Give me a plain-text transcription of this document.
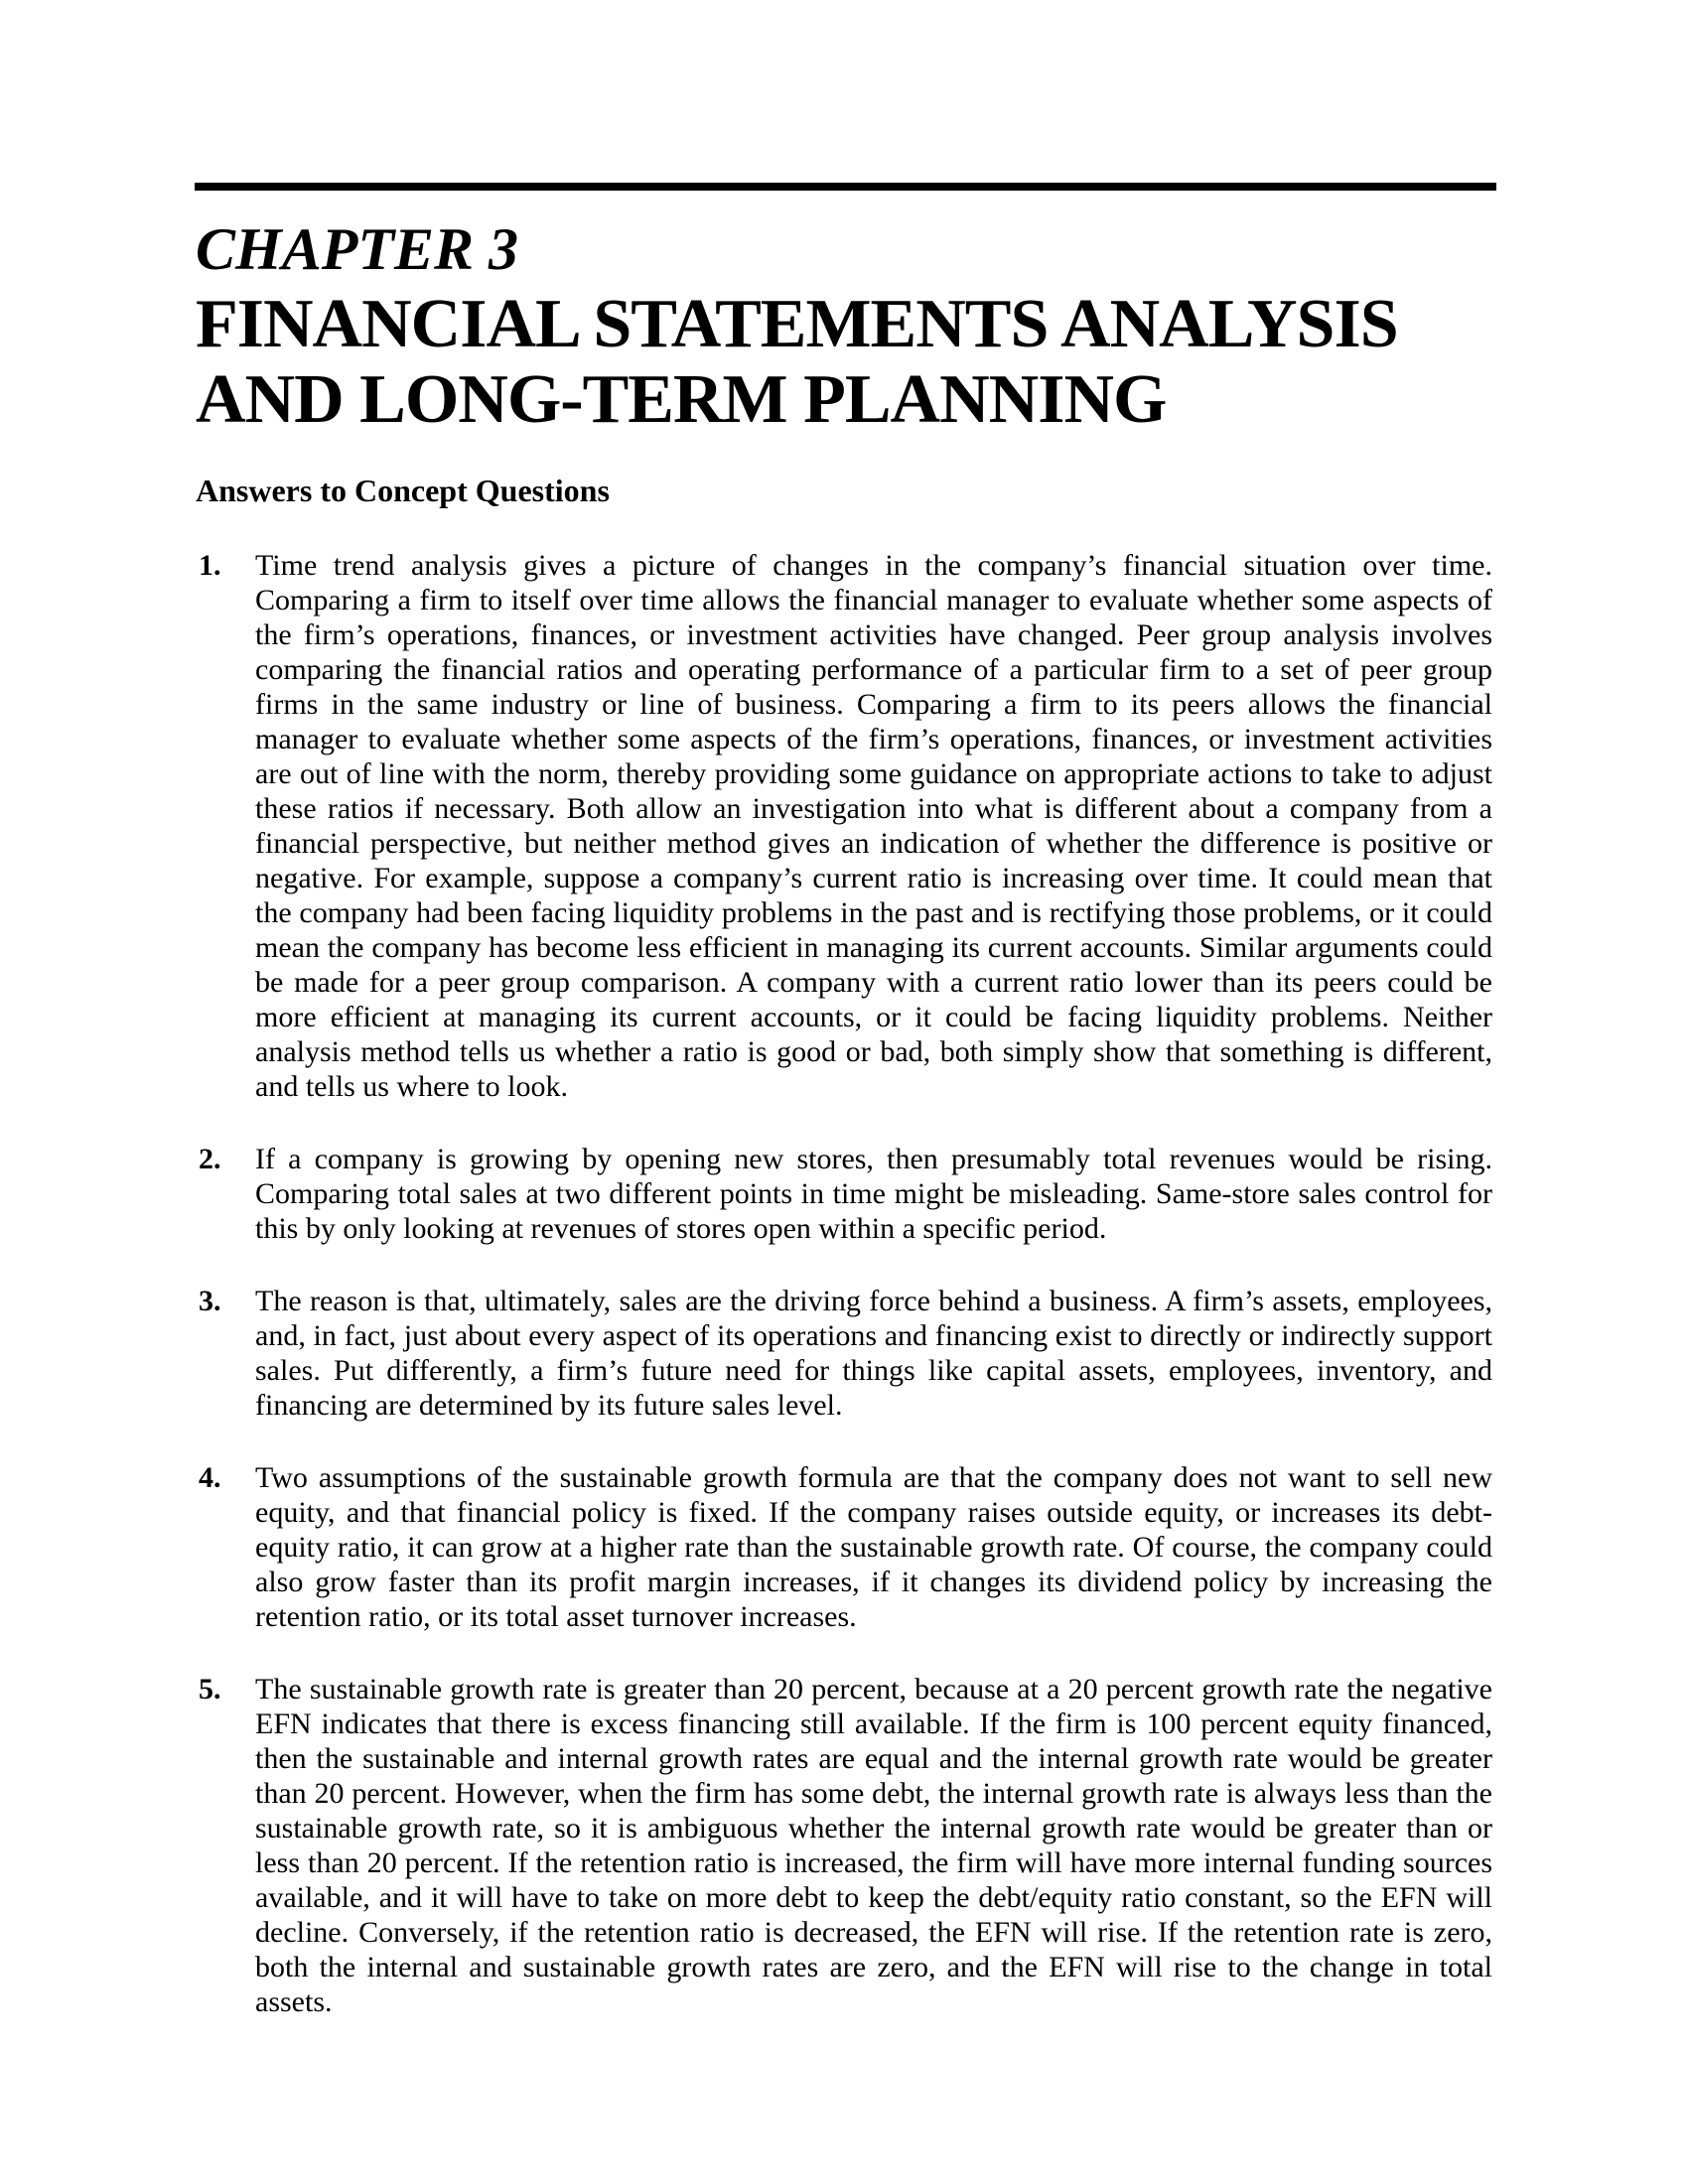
CHAPTER 3
FINANCIAL STATEMENTS ANALYSIS
AND LONG-TERM PLANNING
Answers to Concept Questions
1.	Time trend analysis gives a picture of changes in the company’s financial situation over time. Comparing a firm to itself over time allows the financial manager to evaluate whether some aspects of the firm’s operations, finances, or investment activities have changed. Peer group analysis involves comparing the financial ratios and operating performance of a particular firm to a set of peer group firms in the same industry or line of business. Comparing a firm to its peers allows the financial manager to evaluate whether some aspects of the firm’s operations, finances, or investment activities are out of line with the norm, thereby providing some guidance on appropriate actions to take to adjust these ratios if necessary. Both allow an investigation into what is different about a company from a financial perspective, but neither method gives an indication of whether the difference is positive or negative. For example, suppose a company’s current ratio is increasing over time. It could mean that the company had been facing liquidity problems in the past and is rectifying those problems, or it could mean the company has become less efficient in managing its current accounts. Similar arguments could be made for a peer group comparison. A company with a current ratio lower than its peers could be more efficient at managing its current accounts, or it could be facing liquidity problems. Neither analysis method tells us whether a ratio is good or bad, both simply show that something is different, and tells us where to look.
2.	If a company is growing by opening new stores, then presumably total revenues would be rising. Comparing total sales at two different points in time might be misleading. Same-store sales control for this by only looking at revenues of stores open within a specific period.
3.	The reason is that, ultimately, sales are the driving force behind a business. A firm’s assets, employees, and, in fact, just about every aspect of its operations and financing exist to directly or indirectly support sales. Put differently, a firm’s future need for things like capital assets, employees, inventory, and financing are determined by its future sales level.
4.	Two assumptions of the sustainable growth formula are that the company does not want to sell new equity, and that financial policy is fixed. If the company raises outside equity, or increases its debt-equity ratio, it can grow at a higher rate than the sustainable growth rate. Of course, the company could also grow faster than its profit margin increases, if it changes its dividend policy by increasing the retention ratio, or its total asset turnover increases.
5.	The sustainable growth rate is greater than 20 percent, because at a 20 percent growth rate the negative EFN indicates that there is excess financing still available. If the firm is 100 percent equity financed, then the sustainable and internal growth rates are equal and the internal growth rate would be greater than 20 percent. However, when the firm has some debt, the internal growth rate is always less than the sustainable growth rate, so it is ambiguous whether the internal growth rate would be greater than or less than 20 percent. If the retention ratio is increased, the firm will have more internal funding sources available, and it will have to take on more debt to keep the debt/equity ratio constant, so the EFN will decline. Conversely, if the retention ratio is decreased, the EFN will rise. If the retention rate is zero, both the internal and sustainable growth rates are zero, and the EFN will rise to the change in total assets.
